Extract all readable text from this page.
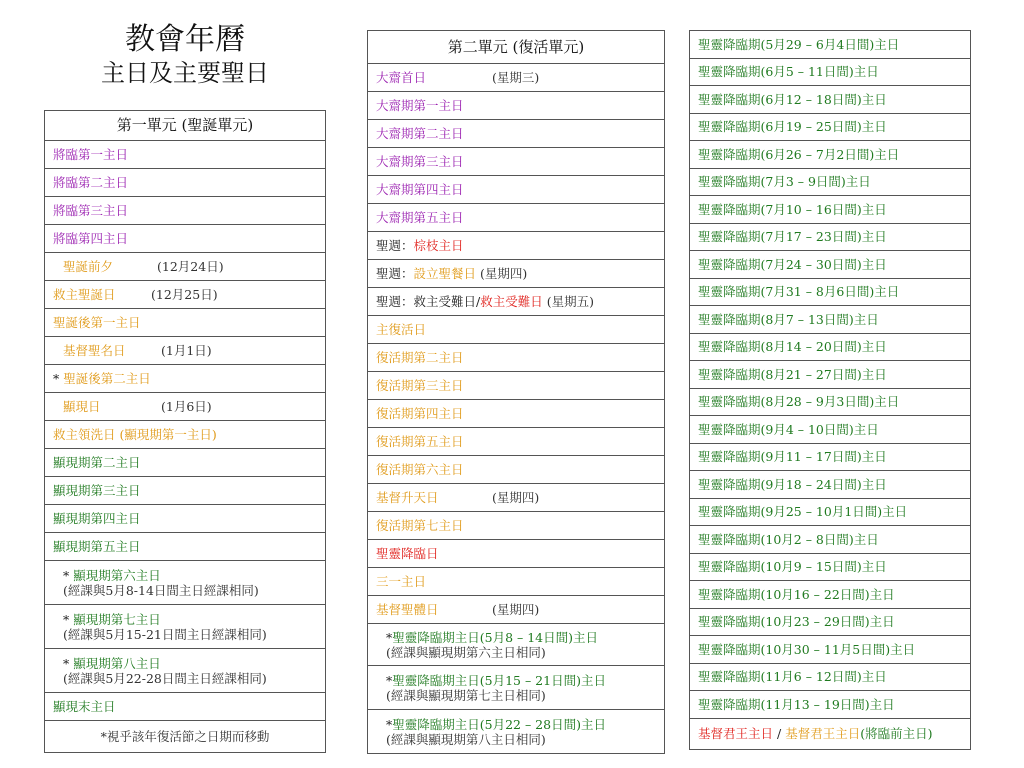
教會年曆
主日及主要聖日
第一單元 (聖誕單元)
將臨第一主日
將臨第二主日
將臨第三主日
將臨第四主日
聖誕前夕	(12月24日)
救主聖誕日	(12月25日)
聖誕後第一主日
基督聖名日	(1月1日)
* 聖誕後第二主日
顯現日	(1月6日)
救主領洗日 (顯現期第一主日)
顯現期第二主日
顯現期第三主日
顯現期第四主日
顯現期第五主日
* 顯現期第六主日
(經課與5月8-14日間主日經課相同)
* 顯現期第七主日
(經課與5月15-21日間主日經課相同)
* 顯現期第八主日
(經課與5月22-28日間主日經課相同)
顯現末主日
*視乎該年復活節之日期而移動
第二單元 (復活單元)
大齋首日	(星期三)
大齋期第一主日
大齋期第二主日
大齋期第三主日
大齋期第四主日
大齋期第五主日
聖週：棕枝主日
聖週：設立聖餐日 (星期四)
聖週：救主受難日/救主受難日 (星期五)
主復活日
復活期第二主日
復活期第三主日
復活期第四主日
復活期第五主日
復活期第六主日
基督升天日	(星期四)
復活期第七主日
聖靈降臨日
三一主日
基督聖體日	(星期四)
*聖靈降臨期主日(5月8 – 14日間)主日
(經課與顯現期第六主日相同)
*聖靈降臨期主日(5月15 – 21日間)主日
(經課與顯現期第七主日相同)
*聖靈降臨期主日(5月22 – 28日間)主日
(經課與顯現期第八主日相同)
聖靈降臨期(5月29 – 6月4日間)主日
聖靈降臨期(6月5 – 11日間)主日
聖靈降臨期(6月12 – 18日間)主日
聖靈降臨期(6月19 – 25日間)主日
聖靈降臨期(6月26 – 7月2日間)主日
聖靈降臨期(7月3 – 9日間)主日
聖靈降臨期(7月10 – 16日間)主日
聖靈降臨期(7月17 – 23日間)主日
聖靈降臨期(7月24 – 30日間)主日
聖靈降臨期(7月31 – 8月6日間)主日
聖靈降臨期(8月7 – 13日間)主日
聖靈降臨期(8月14 – 20日間)主日
聖靈降臨期(8月21 – 27日間)主日
聖靈降臨期(8月28 – 9月3日間)主日
聖靈降臨期(9月4 – 10日間)主日
聖靈降臨期(9月11 – 17日間)主日
聖靈降臨期(9月18 – 24日間)主日
聖靈降臨期(9月25 – 10月1日間)主日
聖靈降臨期(10月2 – 8日間)主日
聖靈降臨期(10月9 – 15日間)主日
聖靈降臨期(10月16 – 22日間)主日
聖靈降臨期(10月23 – 29日間)主日
聖靈降臨期(10月30 – 11月5日間)主日
聖靈降臨期(11月6 – 12日間)主日
聖靈降臨期(11月13 – 19日間)主日
基督君王主日 / 基督君王主日(將臨前主日)
